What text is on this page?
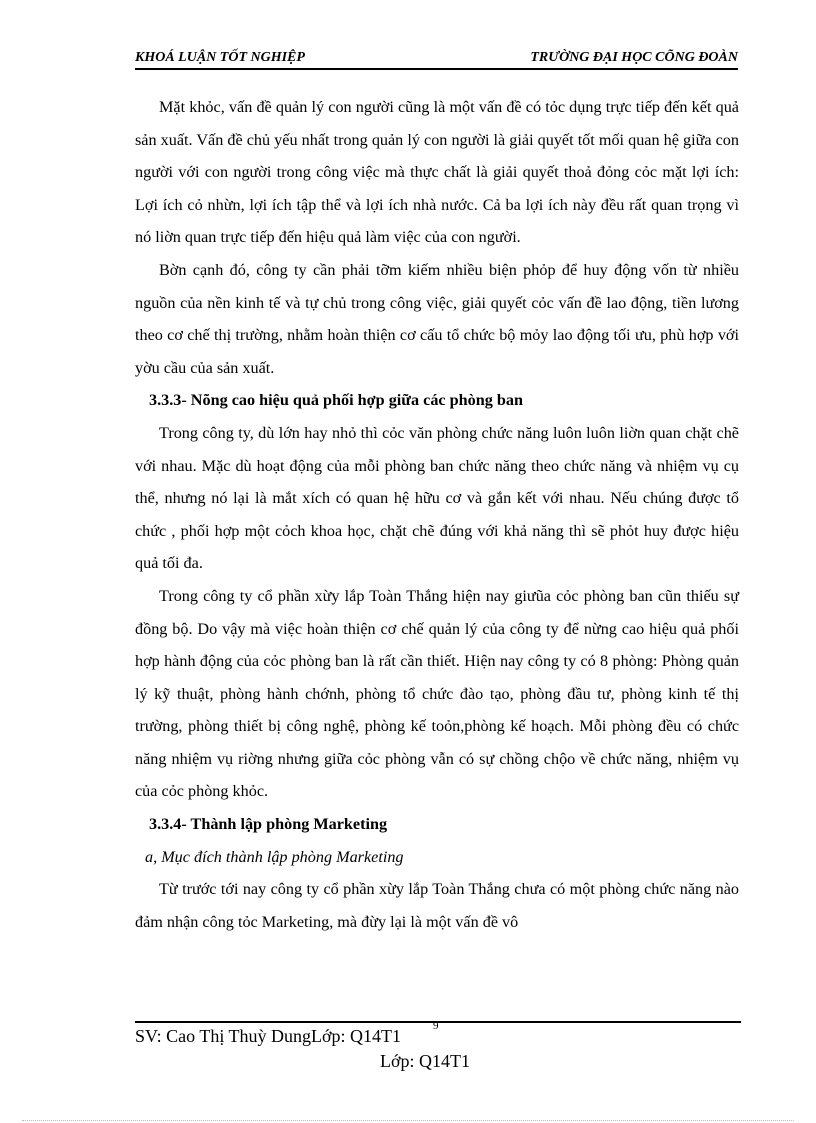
KHOÁ LUẬN TỐT NGHIỆP	TRƯỜNG ĐẠI HỌC CÕNG ĐOÀN

Mặt khỏc, vấn đề quản lý con người cũng là một vấn đề có tỏc dụng trực tiếp đến kết quả sản xuất. Vấn đề chủ yếu nhất trong quản lý con người là giải quyết tốt mối quan hệ giữa con người với con người trong công việc mà thực chất là giải quyết thoả đỏng cỏc mặt lợi ích: Lợi ích cỏ nhừn, lợi ích tập thể và lợi ích nhà nước. Cả ba lợi ích này đều rất quan trọng vì nó liờn quan trực tiếp đến hiệu quả làm việc của con người.

Bờn cạnh đó, công ty cần phải tỡm kiếm nhiều biện phỏp để huy động vốn từ nhiều nguồn của nền kinh tế và tự chủ trong công việc, giải quyết cỏc vấn đề lao động, tiền lương theo cơ chế thị trường, nhằm hoàn thiện cơ cấu tổ chức bộ mỏy lao động tối ưu, phù hợp với yờu cầu của sản xuất.

3.3.3- Nõng cao hiệu quả phối hợp giữa các phòng ban

Trong công ty, dù lớn hay nhỏ thì cỏc văn phòng chức năng luôn luôn liờn quan chặt chẽ với nhau. Mặc dù hoạt động của mỗi phòng ban chức năng theo chức năng và nhiệm vụ cụ thể, nhưng nó lại là mắt xích có quan hệ hữu cơ và gắn kết với nhau. Nếu chúng được tổ chức , phối hợp một cỏch khoa học, chặt chẽ đúng với khả năng thì sẽ phỏt huy được hiệu quả tối đa.

Trong công ty cổ phần xừy lắp Toàn Thắng hiện nay giưũa cỏc phòng ban cũn thiếu sự đồng bộ. Do vậy mà việc hoàn thiện cơ chế quản lý của công ty để nừng cao hiệu quả phối hợp hành động của cỏc phòng ban là rất cần thiết. Hiện nay công ty có 8 phòng: Phòng quản lý kỹ thuật, phòng hành chớnh, phòng tổ chức đào tạo, phòng đầu tư, phòng kinh tế thị trường, phòng thiết bị công nghệ, phòng kế toỏn,phòng kế hoạch. Mỗi phòng đều có chức năng nhiệm vụ riờng nhưng giữa cỏc phòng vẫn có sự chồng chộo về chức năng, nhiệm vụ của cỏc phòng khỏc.

3.3.4- Thành lập phòng Marketing

a, Mục đích thành lập phòng Marketing

Từ trước tới nay công ty cổ phần xừy lắp Toàn Thắng chưa có một phòng chức năng nào đảm nhận công tỏc Marketing, mà đừy lại là một vấn đề vô

SV: Cao Thị Thuỳ DungLớp: Q14T1	9
Lớp: Q14T1
